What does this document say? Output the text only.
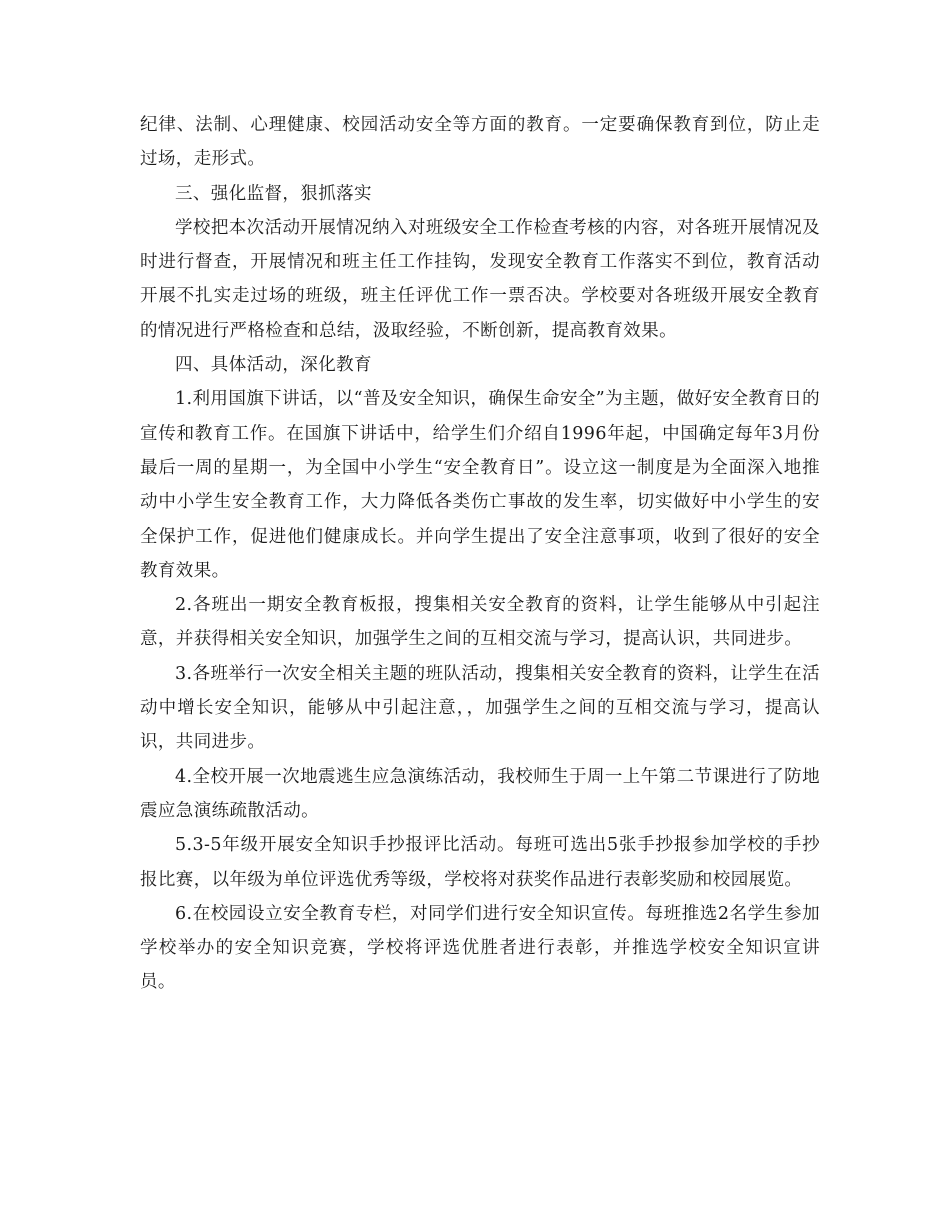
纪律、法制、心理健康、校园活动安全等方面的教育。一定要确保教育到位，防止走过场，走形式。

三、强化监督，狠抓落实

学校把本次活动开展情况纳入对班级安全工作检查考核的内容，对各班开展情况及时进行督查，开展情况和班主任工作挂钩，发现安全教育工作落实不到位，教育活动开展不扎实走过场的班级，班主任评优工作一票否决。学校要对各班级开展安全教育的情况进行严格检查和总结，汲取经验，不断创新，提高教育效果。

四、具体活动，深化教育

1.利用国旗下讲话，以“普及安全知识，确保生命安全”为主题，做好安全教育日的宣传和教育工作。在国旗下讲话中，给学生们介绍自1996年起，中国确定每年3月份最后一周的星期一，为全国中小学生“安全教育日”。设立这一制度是为全面深入地推动中小学生安全教育工作，大力降低各类伤亡事故的发生率，切实做好中小学生的安全保护工作，促进他们健康成长。并向学生提出了安全注意事项，收到了很好的安全教育效果。

2.各班出一期安全教育板报，搜集相关安全教育的资料，让学生能够从中引起注意，并获得相关安全知识，加强学生之间的互相交流与学习，提高认识，共同进步。

3.各班举行一次安全相关主题的班队活动，搜集相关安全教育的资料，让学生在活动中增长安全知识，能够从中引起注意，，加强学生之间的互相交流与学习，提高认识，共同进步。

4.全校开展一次地震逃生应急演练活动，我校师生于周一上午第二节课进行了防地震应急演练疏散活动。

5.3-5年级开展安全知识手抄报评比活动。每班可选出5张手抄报参加学校的手抄报比赛，以年级为单位评选优秀等级，学校将对获奖作品进行表彰奖励和校园展览。

6.在校园设立安全教育专栏，对同学们进行安全知识宣传。每班推选2名学生参加学校举办的安全知识竞赛，学校将评选优胜者进行表彰，并推选学校安全知识宣讲员。
